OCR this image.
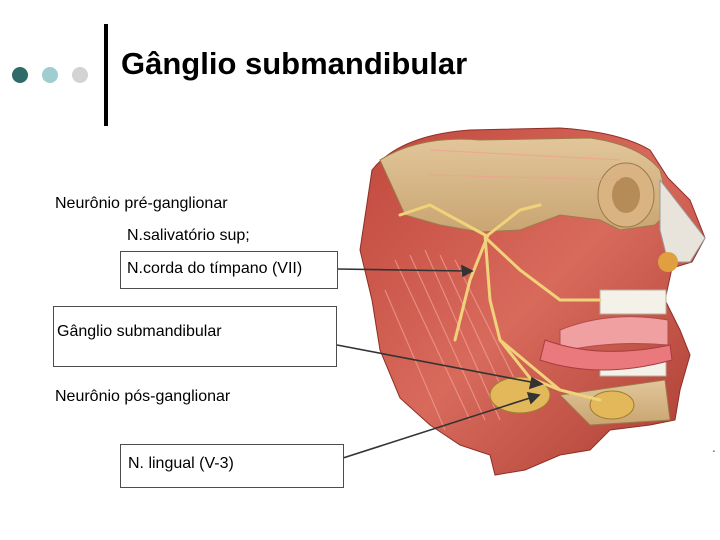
Gânglio submandibular
.
Neurônio pré-ganglionar
N.salivatório sup;
N.corda do tímpano (VII)
Gânglio submandibular
Neurônio pós-ganglionar
N. lingual (V-3)
